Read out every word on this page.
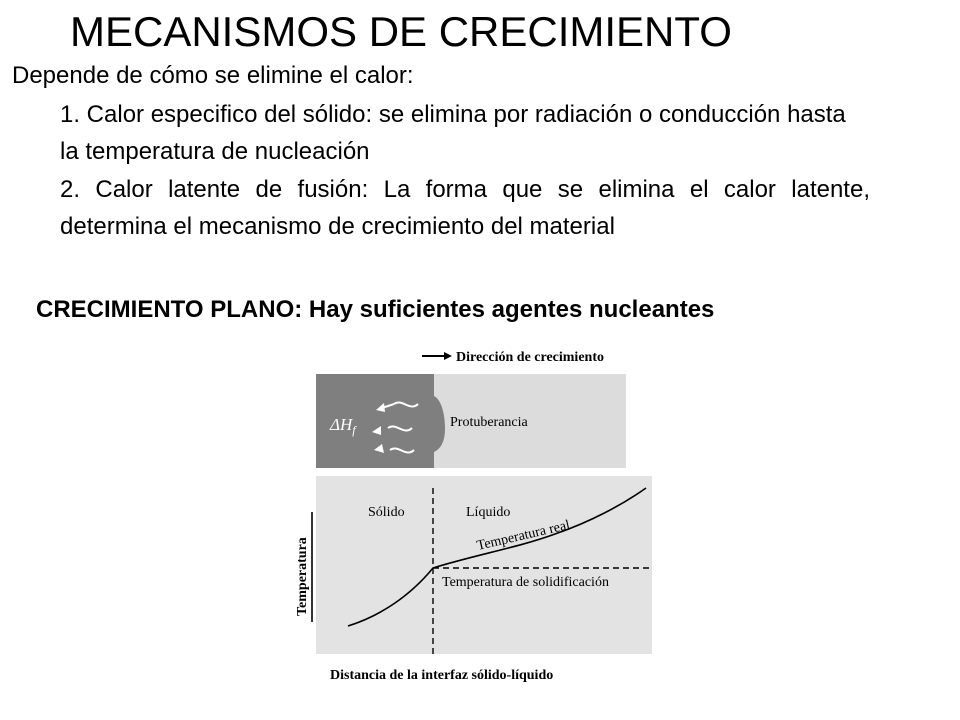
MECANISMOS DE CRECIMIENTO
Depende de cómo se elimine el calor:
1. Calor especifico del sólido: se elimina por radiación o conducción hasta la temperatura de nucleación
2. Calor latente de fusión: La forma que se elimina el calor latente, determina el mecanismo de crecimiento del material
CRECIMIENTO PLANO: Hay suficientes agentes nucleantes
Dirección de crecimiento
$\Delta H_f$	Protuberancia
Sólido	Líquido
Temperatura real
Temperatura de solidificación
Temperatura
Distancia de la interfaz sólido-líquido
